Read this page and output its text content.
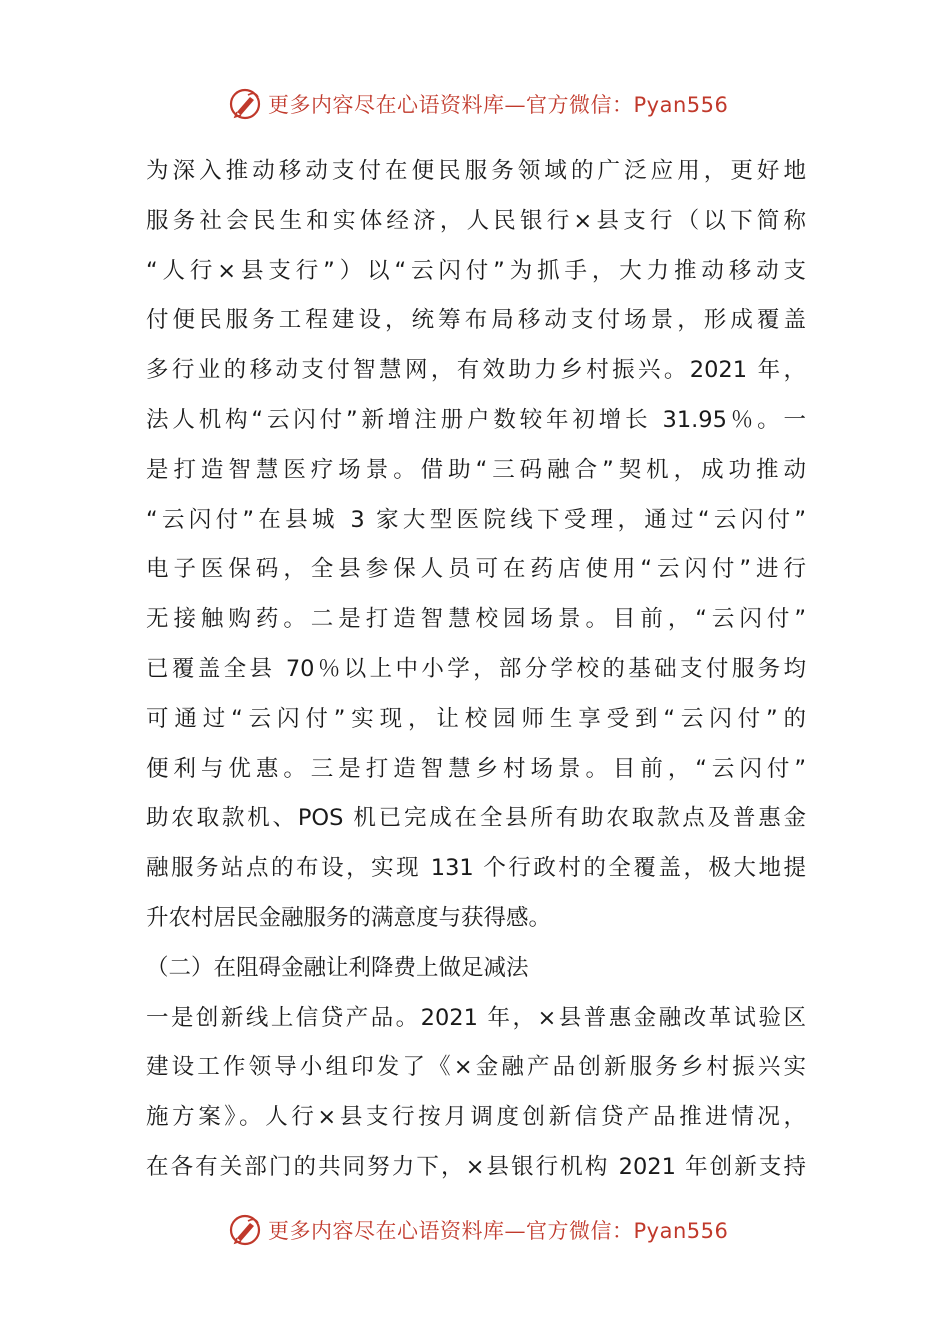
更多内容尽在心语资料库—官方微信：Pyan556
为深入推动移动支付在便民服务领域的广泛应用，更好地
服务社会民生和实体经济，人民银行×县支行（以下简称
“人行×县支行”）以“云闪付”为抓手，大力推动移动支
付便民服务工程建设，统筹布局移动支付场景，形成覆盖
多行业的移动支付智慧网，有效助力乡村振兴。2021 年，
法人机构“云闪付”新增注册户数较年初增长 31.95％。一
是打造智慧医疗场景。借助“三码融合”契机，成功推动
“云闪付”在县城 3 家大型医院线下受理，通过“云闪付”
电子医保码，全县参保人员可在药店使用“云闪付”进行
无接触购药。二是打造智慧校园场景。目前，“云闪付”
已覆盖全县 70％以上中小学，部分学校的基础支付服务均
可通过“云闪付”实现，让校园师生享受到“云闪付”的
便利与优惠。三是打造智慧乡村场景。目前，“云闪付”
助农取款机、POS 机已完成在全县所有助农取款点及普惠金
融服务站点的布设，实现 131 个行政村的全覆盖，极大地提
升农村居民金融服务的满意度与获得感。
（二）在阻碍金融让利降费上做足减法
一是创新线上信贷产品。2021 年，×县普惠金融改革试验区
建设工作领导小组印发了《×金融产品创新服务乡村振兴实
施方案》。人行×县支行按月调度创新信贷产品推进情况，
在各有关部门的共同努力下，×县银行机构 2021 年创新支持
更多内容尽在心语资料库—官方微信：Pyan556
